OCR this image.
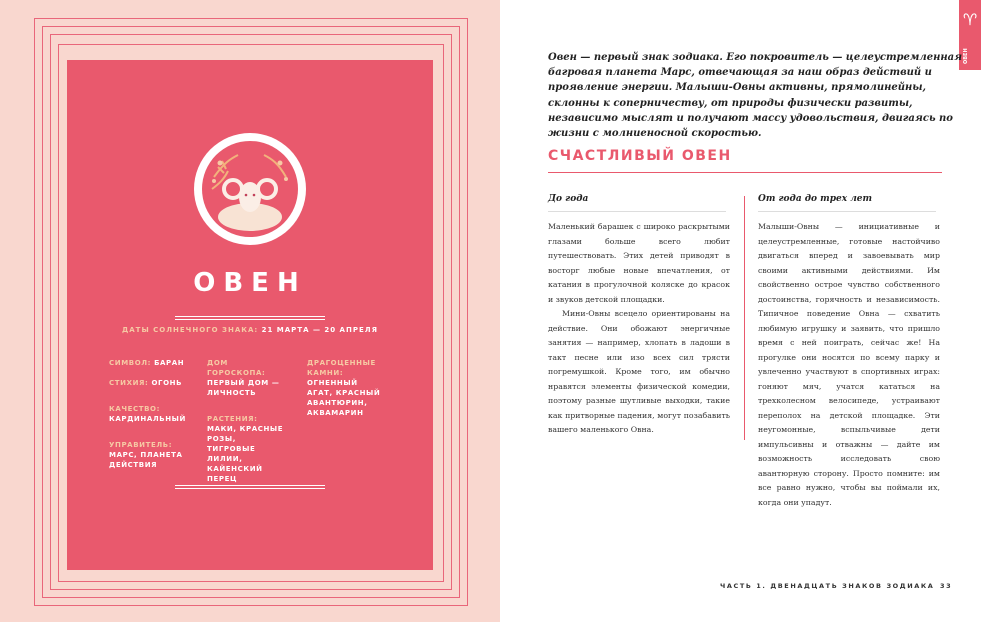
ОВЕН
ДАТЫ СОЛНЕЧНОГО ЗНАКА: 21 МАРТА — 20 АПРЕЛЯ
СИМВОЛ: БАРАН
СТИХИЯ: ОГОНЬ
КАЧЕСТВО:
КАРДИНАЛЬНЫЙ
УПРАВИТЕЛЬ:
МАРС, ПЛАНЕТА ДЕЙСТВИЯ
ДОМ ГОРОСКОПА:
ПЕРВЫЙ ДОМ — ЛИЧНОСТЬ
РАСТЕНИЯ:
МАКИ, КРАСНЫЕ РОЗЫ, ТИГРОВЫЕ ЛИЛИИ, КАЙЕНСКИЙ ПЕРЕЦ
ДРАГОЦЕННЫЕ КАМНИ:
ОГНЕННЫЙ АГАТ, КРАСНЫЙ АВАНТЮРИН, АКВАМАРИН
♈
ОВЕН
Овен — первый знак зодиака. Его покровитель — целеустремленная багровая планета Марс, отвечающая за наш образ действий и проявление энергии. Малыши-Овны активны, прямолинейны, склонны к соперничеству, от природы физически развиты, независимо мыслят и получают массу удовольствия, двигаясь по жизни с молниеносной скоростью.
СЧАСТЛИВЫЙ ОВЕН
До года

Маленький барашек с широко раскрытыми глазами больше всего любит путешествовать. Этих детей приводят в восторг любые новые впечатления, от катания в прогулочной коляске до красок и звуков детской площадки.

Мини-Овны всецело ориентированы на действие. Они обожают энергичные занятия — например, хлопать в ладоши в такт песне или изо всех сил трясти погремушкой. Кроме того, им обычно нравятся элементы физической комедии, поэтому разные шутливые выходки, такие как притворные падения, могут позабавить вашего маленького Овна.

От года до трех лет

Малыши-Овны — инициативные и целеустремленные, готовые настойчиво двигаться вперед и завоевывать мир своими активными действиями. Им свойственно острое чувство собственного достоинства, горячность и независимость. Типичное поведение Овна — схватить любимую игрушку и заявить, что пришло время с ней поиграть, сейчас же! На прогулке они носятся по всему парку и увлеченно участвуют в спортивных играх: гоняют мяч, учатся кататься на трехколесном велосипеде, устраивают переполох на детской площадке. Эти неугомонные, вспыльчивые дети импульсивны и отважны — дайте им возможность исследовать свою авантюрную сторону. Просто помните: им все равно нужно, чтобы вы поймали их, когда они упадут.

ЧАСТЬ 1. ДВЕНАДЦАТЬ ЗНАКОВ ЗОДИАКА 33
